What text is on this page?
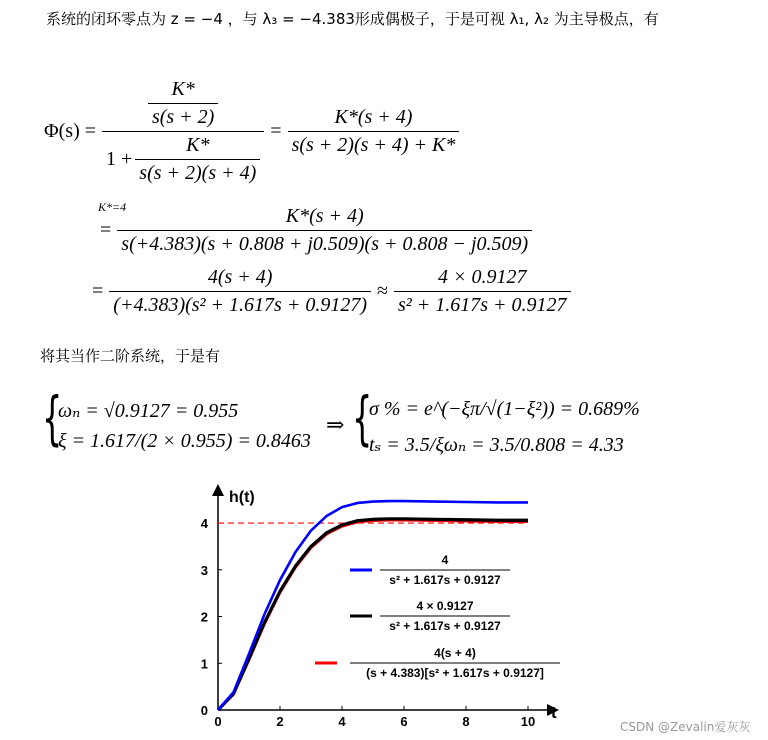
系统的闭环零点为 z = −4 ，与 λ₃ = −4.383形成偶极子，于是可视 λ₁, λ₂ 为主导极点，有
$\Phi(s) = \frac{\frac{K*}{s(s + 2)}}{1 + \frac{K*}{s(s + 2)(s + 4)}} = \frac{K*(s + 4)}{s(s + 2)(s + 4) + K*}$
K*=4
= $\frac{K*(s + 4)}{s(+4.383)(s + 0.808 + j0.509)(s + 0.808 - j0.509)}$
= $\frac{4(s + 4)}{\text{(+4.383)(s² + 1.617s + 0.9127)}} \approx \frac{4 \times 0.9127}{\text{s² + 1.617s + 0.9127}}$
将其当作二阶系统，于是有
{
ωₙ = √0.9127 = 0.955
ξ = 1.617/(2 × 0.955) = 0.8463
⇒ {
σ % = e^(−ξπ/√(1−ξ²)) = 0.689%
tₛ = 3.5/ξωₙ = 3.5/0.808 = 4.33
h(t)
t
0	2	4	6	8	10
0
1
2
3
4
4
s² + 1.617s + 0.9127
4 × 0.9127
s² + 1.617s + 0.9127
4(s + 4)
(s + 4.383)[s² + 1.617s + 0.9127]
CSDN @Zevalin爱灰灰
